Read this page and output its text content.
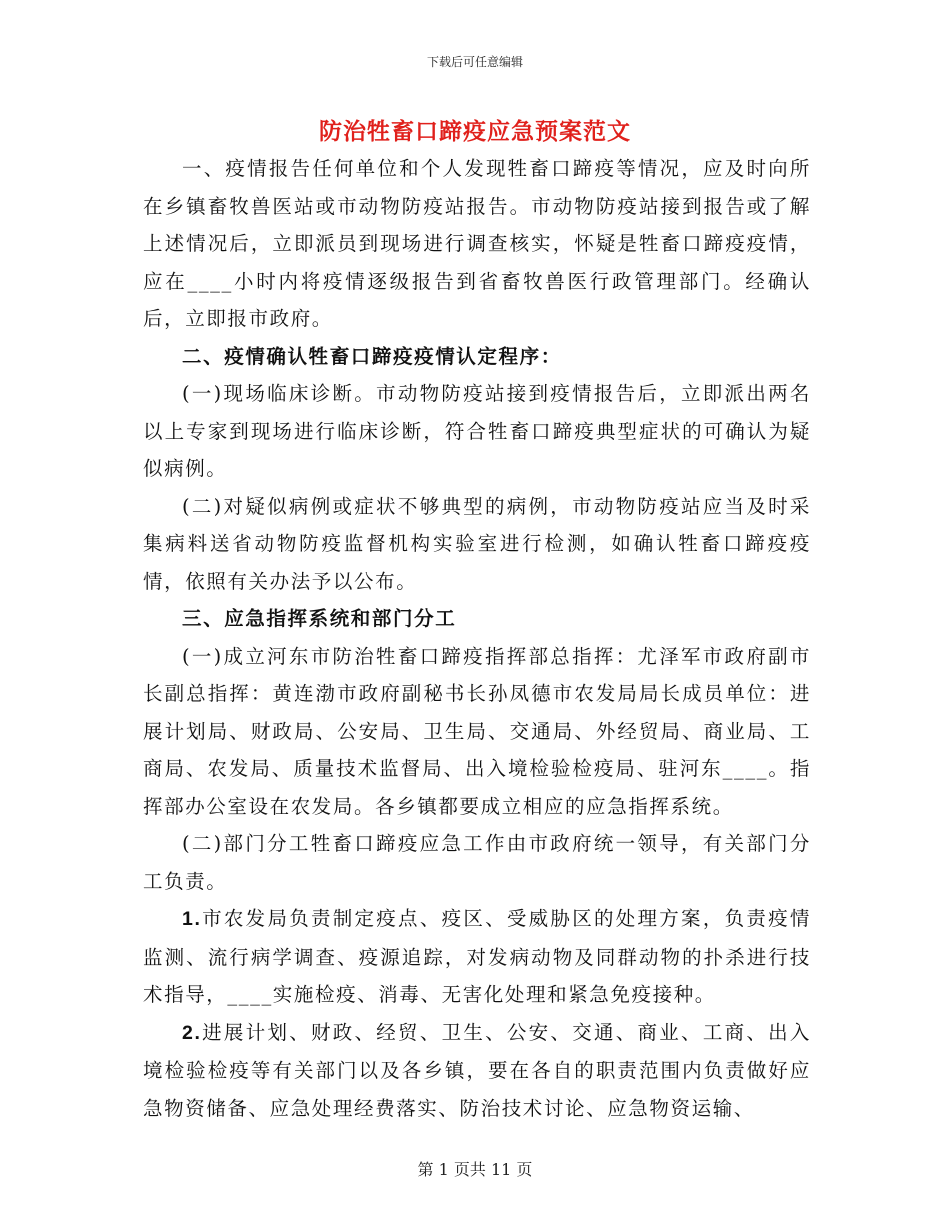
下载后可任意编辑
防治牲畜口蹄疫应急预案范文

一、疫情报告任何单位和个人发现牲畜口蹄疫等情况，应及时向所在乡镇畜牧兽医站或市动物防疫站报告。市动物防疫站接到报告或了解上述情况后，立即派员到现场进行调查核实，怀疑是牲畜口蹄疫疫情，应在____小时内将疫情逐级报告到省畜牧兽医行政管理部门。经确认后，立即报市政府。

二、疫情确认牲畜口蹄疫疫情认定程序：

(一)现场临床诊断。市动物防疫站接到疫情报告后，立即派出两名以上专家到现场进行临床诊断，符合牲畜口蹄疫典型症状的可确认为疑似病例。

(二)对疑似病例或症状不够典型的病例，市动物防疫站应当及时采集病料送省动物防疫监督机构实验室进行检测，如确认牲畜口蹄疫疫情，依照有关办法予以公布。

三、应急指挥系统和部门分工

(一)成立河东市防治牲畜口蹄疫指挥部总指挥：尤泽军市政府副市长副总指挥：黄连渤市政府副秘书长孙凤德市农发局局长成员单位：进展计划局、财政局、公安局、卫生局、交通局、外经贸局、商业局、工商局、农发局、质量技术监督局、出入境检验检疫局、驻河东____。指挥部办公室设在农发局。各乡镇都要成立相应的应急指挥系统。

(二)部门分工牲畜口蹄疫应急工作由市政府统一领导，有关部门分工负责。

1.市农发局负责制定疫点、疫区、受威胁区的处理方案，负责疫情监测、流行病学调查、疫源追踪，对发病动物及同群动物的扑杀进行技术指导，____实施检疫、消毒、无害化处理和紧急免疫接种。

2.进展计划、财政、经贸、卫生、公安、交通、商业、工商、出入境检验检疫等有关部门以及各乡镇，要在各自的职责范围内负责做好应急物资储备、应急处理经费落实、防治技术讨论、应急物资运输、

第 1 页共 11 页
